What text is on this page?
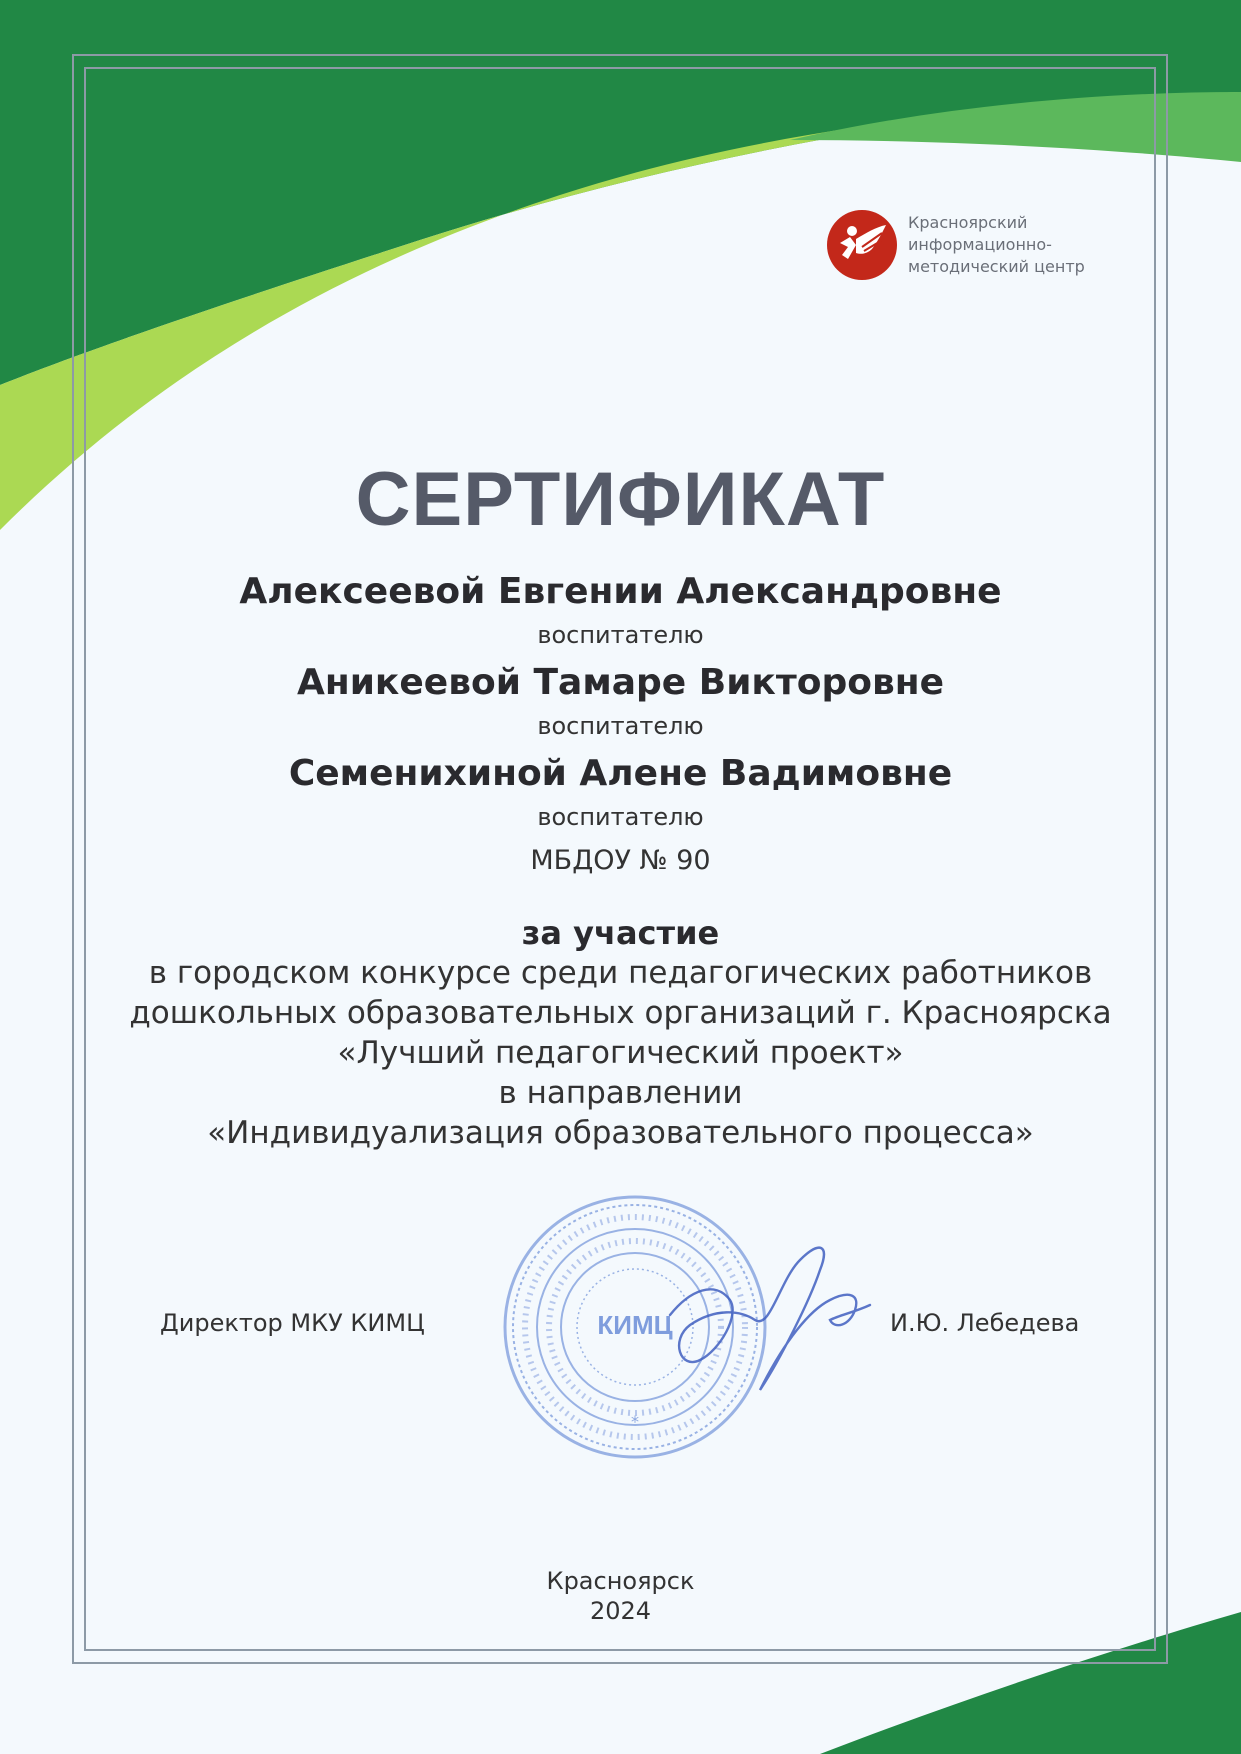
Красноярский
информационно-
методический центр
СЕРТИФИКАТ
Алексеевой Евгении Александровне
воспитателю
Аникеевой Тамаре Викторовне
воспитателю
Семенихиной Алене Вадимовне
воспитателю
МБДОУ № 90
за участие
в городском конкурсе среди педагогических работников
дошкольных образовательных организаций г. Красноярска
«Лучший педагогический проект»
в направлении
«Индивидуализация образовательного процесса»
Директор МКУ КИМЦ	КИМЦ
*
И.Ю. Лебедева
Красноярск
2024
